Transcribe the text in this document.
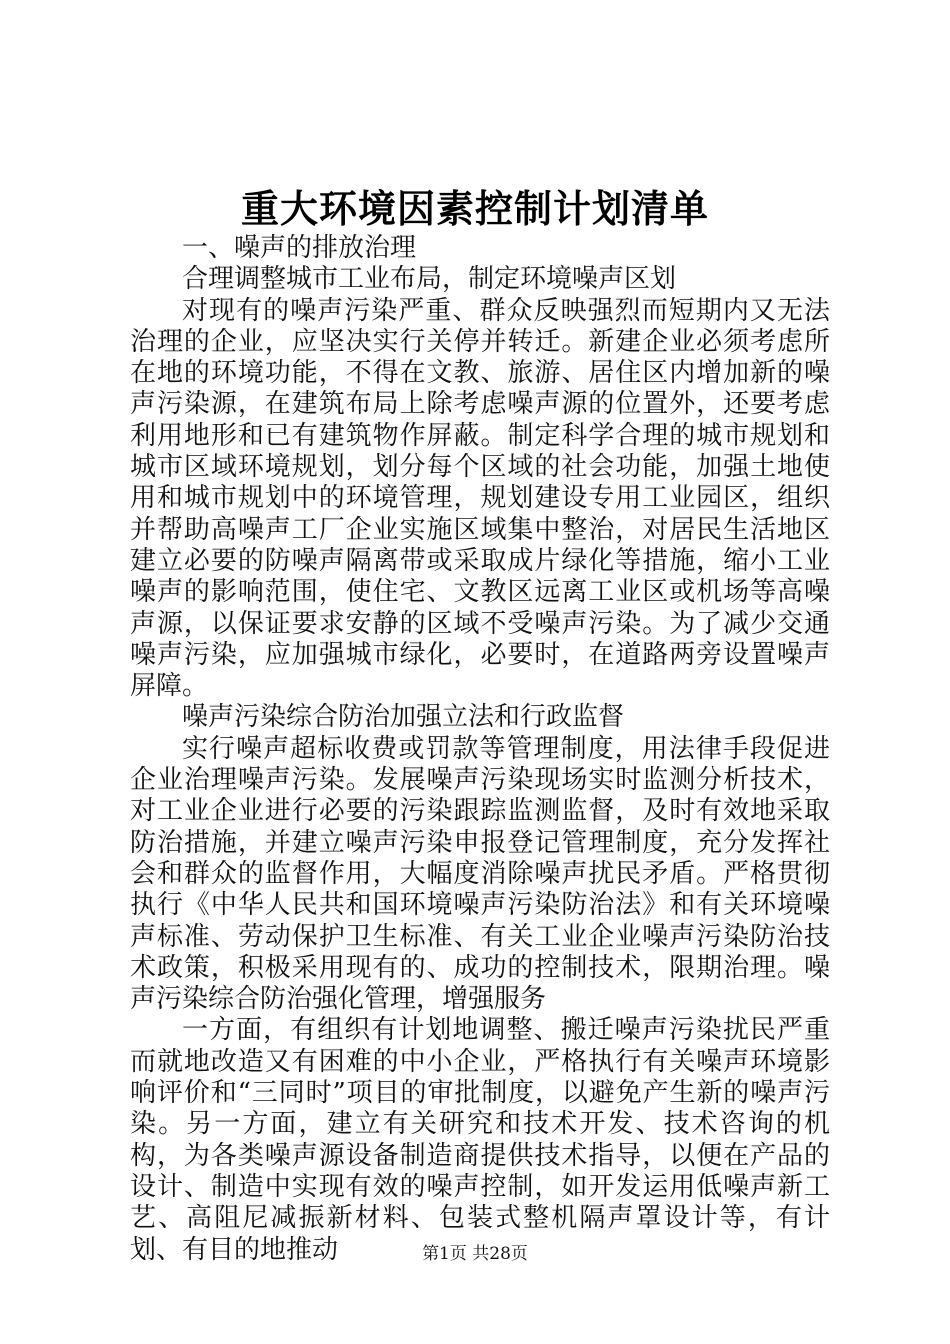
重大环境因素控制计划清单

一、噪声的排放治理

合理调整城市工业布局，制定环境噪声区划

对现有的噪声污染严重、群众反映强烈而短期内又无法治理的企业，应坚决实行关停并转迁。新建企业必须考虑所在地的环境功能，不得在文教、旅游、居住区内增加新的噪声污染源，在建筑布局上除考虑噪声源的位置外，还要考虑利用地形和已有建筑物作屏蔽。制定科学合理的城市规划和城市区域环境规划，划分每个区域的社会功能，加强土地使用和城市规划中的环境管理，规划建设专用工业园区，组织并帮助高噪声工厂企业实施区域集中整治，对居民生活地区建立必要的防噪声隔离带或采取成片绿化等措施，缩小工业噪声的影响范围，使住宅、文教区远离工业区或机场等高噪声源，以保证要求安静的区域不受噪声污染。为了减少交通噪声污染，应加强城市绿化，必要时，在道路两旁设置噪声屏障。

噪声污染综合防治加强立法和行政监督

实行噪声超标收费或罚款等管理制度，用法律手段促进企业治理噪声污染。发展噪声污染现场实时监测分析技术，对工业企业进行必要的污染跟踪监测监督，及时有效地采取防治措施，并建立噪声污染申报登记管理制度，充分发挥社会和群众的监督作用，大幅度消除噪声扰民矛盾。严格贯彻执行《中华人民共和国环境噪声污染防治法》和有关环境噪声标准、劳动保护卫生标准、有关工业企业噪声污染防治技术政策，积极采用现有的、成功的控制技术，限期治理。噪声污染综合防治强化管理，增强服务

一方面，有组织有计划地调整、搬迁噪声污染扰民严重而就地改造又有困难的中小企业，严格执行有关噪声环境影响评价和“三同时”项目的审批制度，以避免产生新的噪声污染。另一方面，建立有关研究和技术开发、技术咨询的机构，为各类噪声源设备制造商提供技术指导，以便在产品的设计、制造中实现有效的噪声控制，如开发运用低噪声新工艺、高阻尼减振新材料、包装式整机隔声罩设计等，有计划、有目的地推动	第1页 共28页
